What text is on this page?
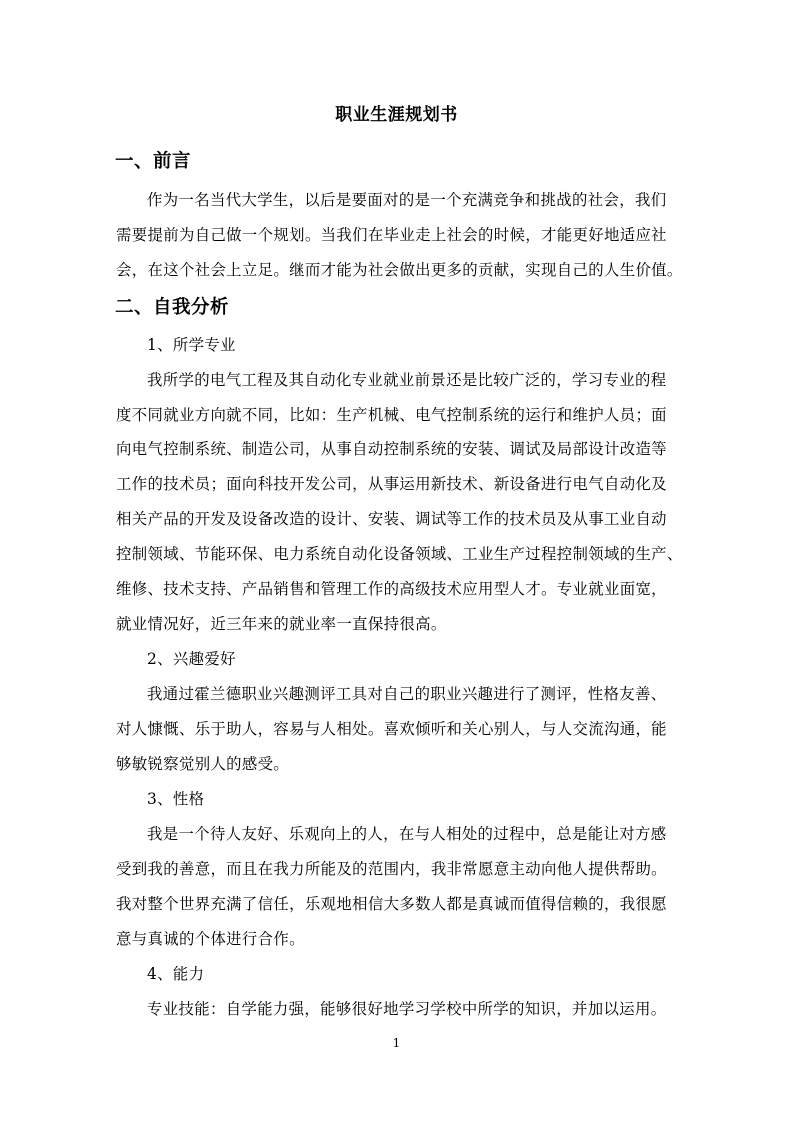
职业生涯规划书
一、前言
作为一名当代大学生，以后是要面对的是一个充满竞争和挑战的社会，我们
需要提前为自己做一个规划。当我们在毕业走上社会的时候，才能更好地适应社
会，在这个社会上立足。继而才能为社会做出更多的贡献，实现自己的人生价值。
二、自我分析
1、所学专业
我所学的电气工程及其自动化专业就业前景还是比较广泛的，学习专业的程
度不同就业方向就不同，比如：生产机械、电气控制系统的运行和维护人员；面
向电气控制系统、制造公司，从事自动控制系统的安装、调试及局部设计改造等
工作的技术员；面向科技开发公司，从事运用新技术、新设备进行电气自动化及
相关产品的开发及设备改造的设计、安装、调试等工作的技术员及从事工业自动
控制领域、节能环保、电力系统自动化设备领域、工业生产过程控制领域的生产、
维修、技术支持、产品销售和管理工作的高级技术应用型人才。专业就业面宽，
就业情况好，近三年来的就业率一直保持很高。
2、兴趣爱好
我通过霍兰德职业兴趣测评工具对自己的职业兴趣进行了测评，性格友善、
对人慷慨、乐于助人，容易与人相处。喜欢倾听和关心别人，与人交流沟通，能
够敏锐察觉别人的感受。
3、性格
我是一个待人友好、乐观向上的人，在与人相处的过程中，总是能让对方感
受到我的善意，而且在我力所能及的范围内，我非常愿意主动向他人提供帮助。
我对整个世界充满了信任，乐观地相信大多数人都是真诚而值得信赖的，我很愿
意与真诚的个体进行合作。
4、能力
专业技能：自学能力强，能够很好地学习学校中所学的知识，并加以运用。
1
